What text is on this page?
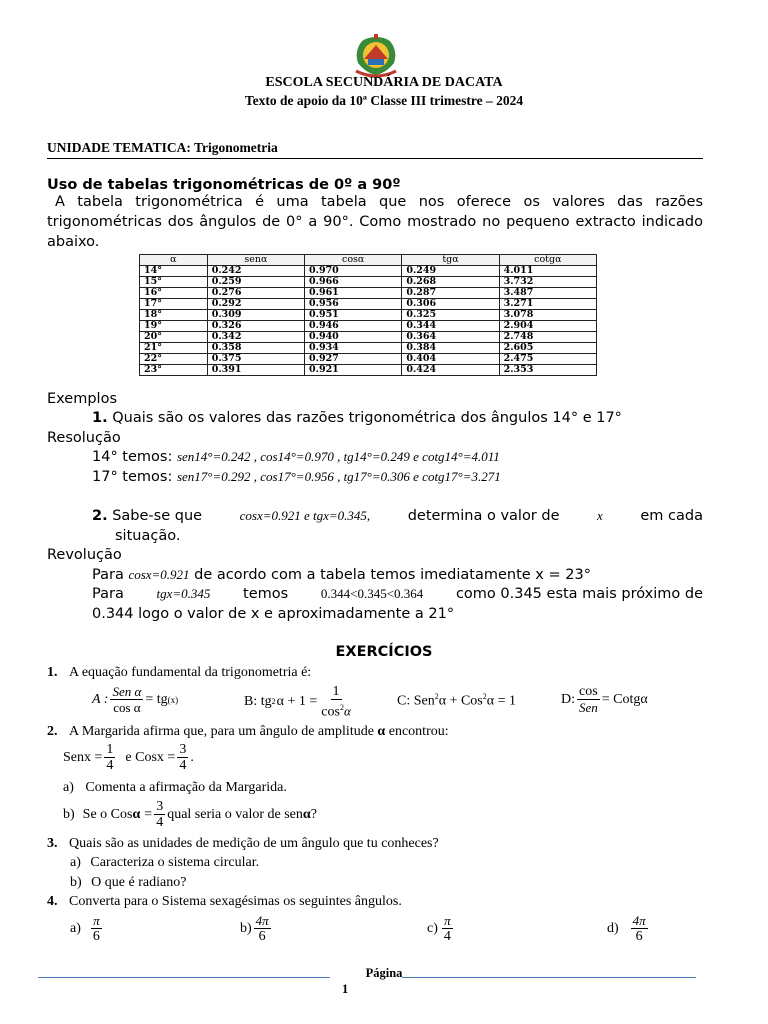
ESCOLA SECUNDÁRIA DE DACATA
Texto de apoio da 10ª Classe III trimestre – 2024
UNIDADE TEMATICA: Trigonometria
Uso de tabelas trigonométricas de 0º a 90º
A tabela trigonométrica é uma tabela que nos oferece os valores das razões trigonométricas dos ângulos de 0° a 90°. Como mostrado no pequeno extracto indicado abaixo.
α	senα	cosα	tgα	cotgα
14°	0.242	0.970	0.249	4.011
15°	0.259	0.966	0.268	3.732
16°	0.276	0.961	0.287	3.487
17°	0.292	0.956	0.306	3.271
18°	0.309	0.951	0.325	3.078
19°	0.326	0.946	0.344	2.904
20°	0.342	0.940	0.364	2.748
21°	0.358	0.934	0.384	2.605
22°	0.375	0.927	0.404	2.475
23°	0.391	0.921	0.424	2.353
Exemplos
1. Quais são os valores das razões trigonométrica dos ângulos 14° e 17°
Resolução
14° temos: sen14°=0.242 , cos14°=0.970 , tg14°=0.249 e cotg14°=4.011
17° temos: sen17°=0.292 , cos17°=0.956 , tg17°=0.306 e cotg17°=3.271
2. Sabe-se que	cosx=0.921 e tgx=0.345,	determina o valor de	x	em cada
situação.
Revolução
Para cosx=0.921 de acordo com a tabela temos imediatamente x = 23°
Para	tgx=0.345 temos	0.344<0.345<0.364 como 0.345 esta mais próximo de
0.344 logo o valor de x e aproximadamente a 21°
EXERCÍCIOS
1. A equação fundamental da trigonometria é:
A : $\frac{\text{Sen α}}{\text{cos α}}$ = tg (x)	B: tg 2 $\alpha + 1 = \frac{1}{\cos^2\alpha}$	C: Sen$^2$α + Cos$^2$α = 1	D: $\frac{\cos}{\text{Sen}}$ = Cotgα
2. A Margarida afirma que, para um ângulo de amplitude α encontrou:
Senx = $\frac{1}{4}$ e Cosx = $\frac{3}{4}$ .
a) Comenta a afirmação da Margarida.
b) Se o Cos $\alpha = \frac{3}{4}$ qual seria o valor de sen α ?
3. Quais são as unidades de medição de um ângulo que tu conheces?
a) Caracteriza o sistema circular.
b) O que é radiano?
4. Converta para o Sistema sexagésimas os seguintes ângulos.
$a) \frac{\pi}{6}$	$b) \frac{4\pi}{6}$	$c) \frac{\pi}{4}$	$d) \frac{4\pi}{6}$
Página
1
